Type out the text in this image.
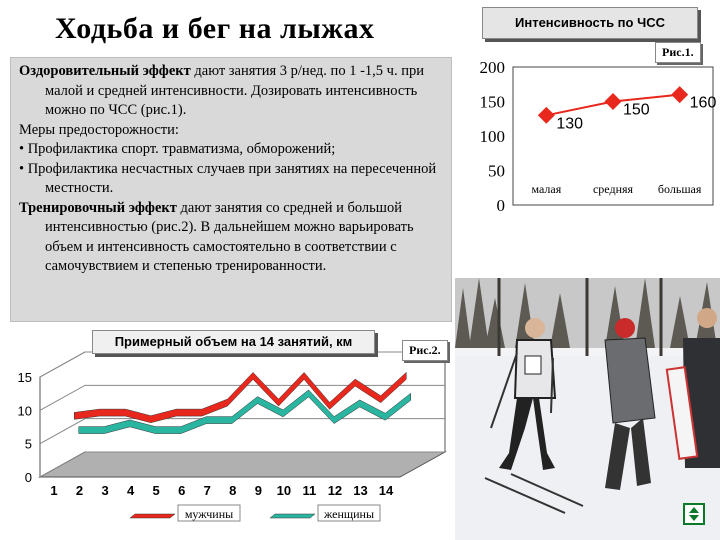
Ходьба и бег на лыжах

Оздоровительный эффект дают занятия 3 р/нед. по 1 -1,5 ч. при малой и средней интенсивности. Дозировать интенсивность можно по ЧСС (рис.1).

Меры предосторожности:

• Профилактика спорт. травматизма, обморожений;

• Профилактика несчастных случаев при занятиях на пересеченной местности.

Тренировочный эффект дают занятия со средней и большой интенсивностью (рис.2). В дальнейшем можно варьировать объем и интенсивность самостоятельно в соответствии с самочувствием и степенью тренированности.

Интенсивность по ЧСС
Рис.1.
200
150
100
50
0
130
150 160
малая	средняя большая
15
10
5
0
1 2 3 4 5 6 7 8 9 10 11 12 13 14
мужчины	женщины
Примерный объем на 14 занятий, км
Рис.2.
